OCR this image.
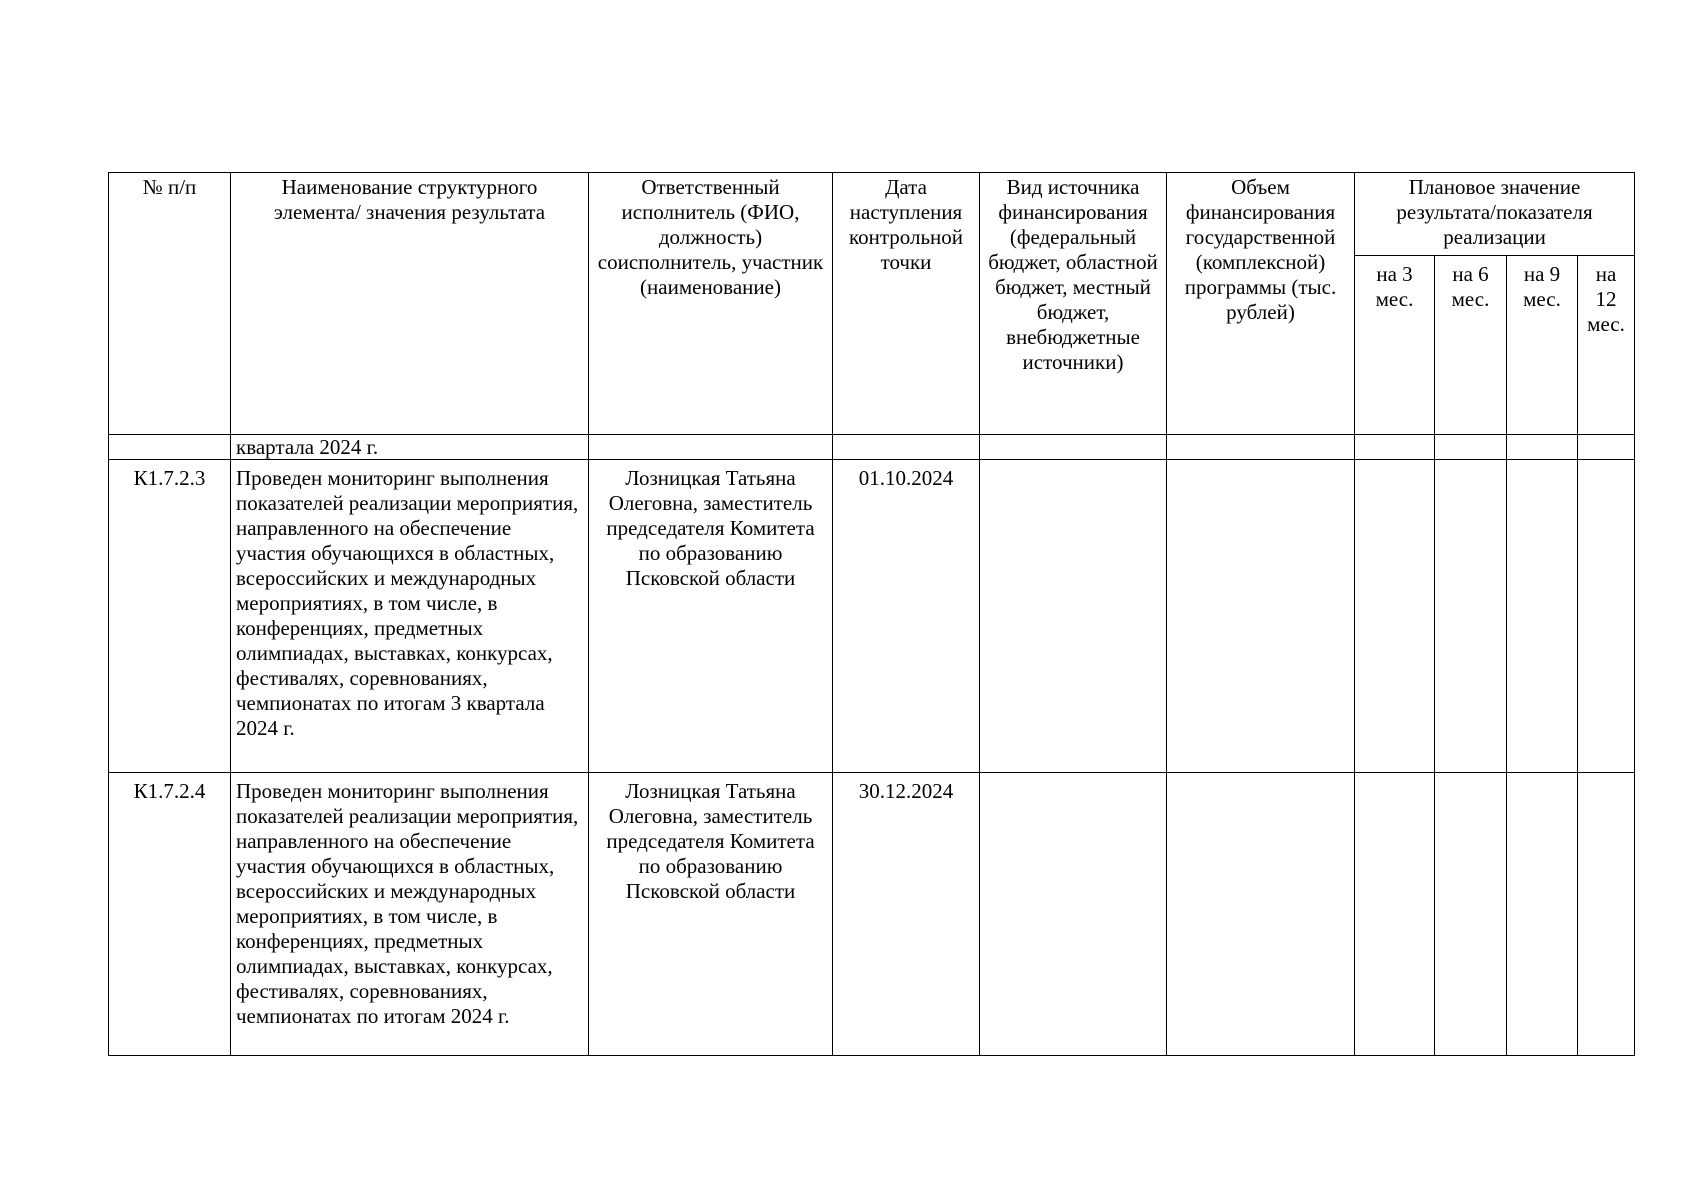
№ п/п	Наименование структурного элемента/ значения результата	Ответственный исполнитель (ФИО, должность) соисполнитель, участник (наименование)	Дата наступления контрольной точки	Вид источника финансирования (федеральный бюджет, областной бюджет, местный бюджет, внебюджетные источники)	Объем финансирования государственной (комплексной) программы (тыс. рублей)	Плановое значение результата/показателя реализации			
						на 3 мес.	на 6 мес.	на 9 мес.	на 12 мес.
	квартала 2024 г.								
К1.7.2.3	Проведен мониторинг выполнения показателей реализации мероприятия, направленного на обеспечение участия обучающихся в областных, всероссийских и международных мероприятиях, в том числе, в конференциях, предметных олимпиадах, выставках, конкурсах, фестивалях, соревнованиях, чемпионатах по итогам 3 квартала 2024 г.	Лозницкая Татьяна Олеговна, заместитель председателя Комитета по образованию Псковской области	01.10.2024						
К1.7.2.4	Проведен мониторинг выполнения показателей реализации мероприятия, направленного на обеспечение участия обучающихся в областных, всероссийских и международных мероприятиях, в том числе, в конференциях, предметных олимпиадах, выставках, конкурсах, фестивалях, соревнованиях, чемпионатах по итогам 2024 г.	Лозницкая Татьяна Олеговна, заместитель председателя Комитета по образованию Псковской области	30.12.2024						
